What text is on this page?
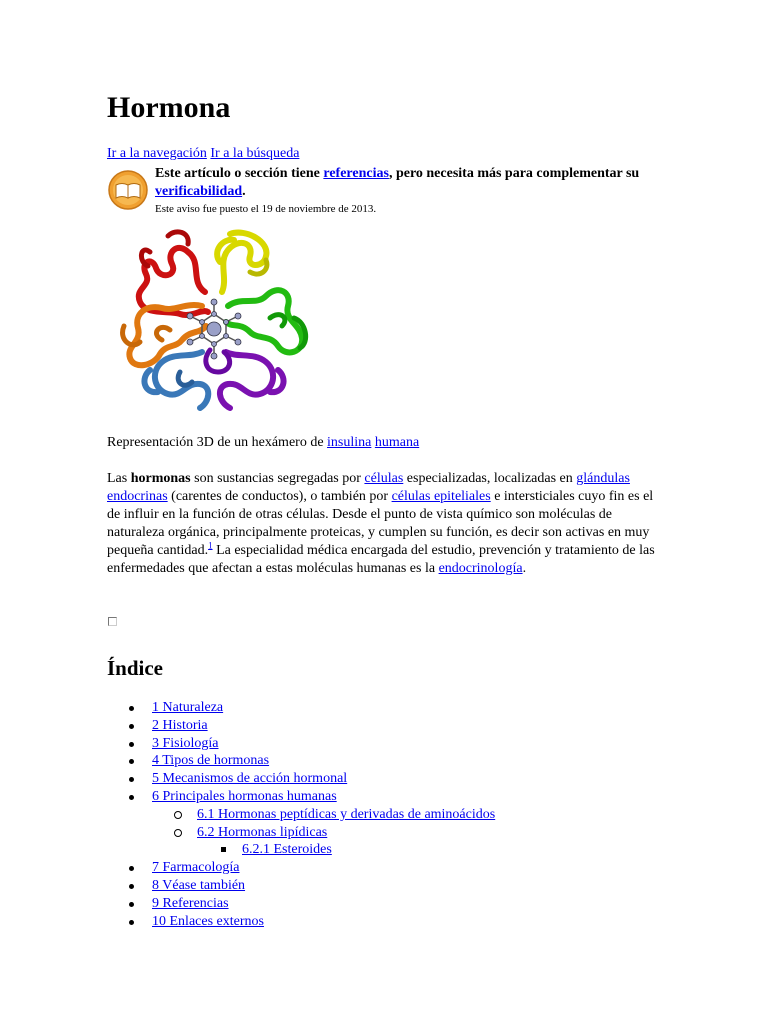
Hormona
Ir a la navegación Ir a la búsqueda
Este artículo o sección tiene referencias, pero necesita más para complementar su verificabilidad.
Este aviso fue puesto el 19 de noviembre de 2013.
Representación 3D de un hexámero de insulina humana

Las hormonas son sustancias segregadas por células especializadas, localizadas en glándulas endocrinas (carentes de conductos), o también por células epiteliales e intersticiales cuyo fin es el de influir en la función de otras células. Desde el punto de vista químico son moléculas de naturaleza orgánica, principalmente proteicas, y cumplen su función, es decir son activas en muy pequeña cantidad.$^1$ La especialidad médica encargada del estudio, prevención y tratamiento de las enfermedades que afectan a estas moléculas humanas es la endocrinología.

Índice
1 Naturaleza
2 Historia
3 Fisiología
4 Tipos de hormonas
5 Mecanismos de acción hormonal
6 Principales hormonas humanas
6.1 Hormonas peptídicas y derivadas de aminoácidos
6.2 Hormonas lipídicas
6.2.1 Esteroides
7 Farmacología
8 Véase también
9 Referencias
10 Enlaces externos
